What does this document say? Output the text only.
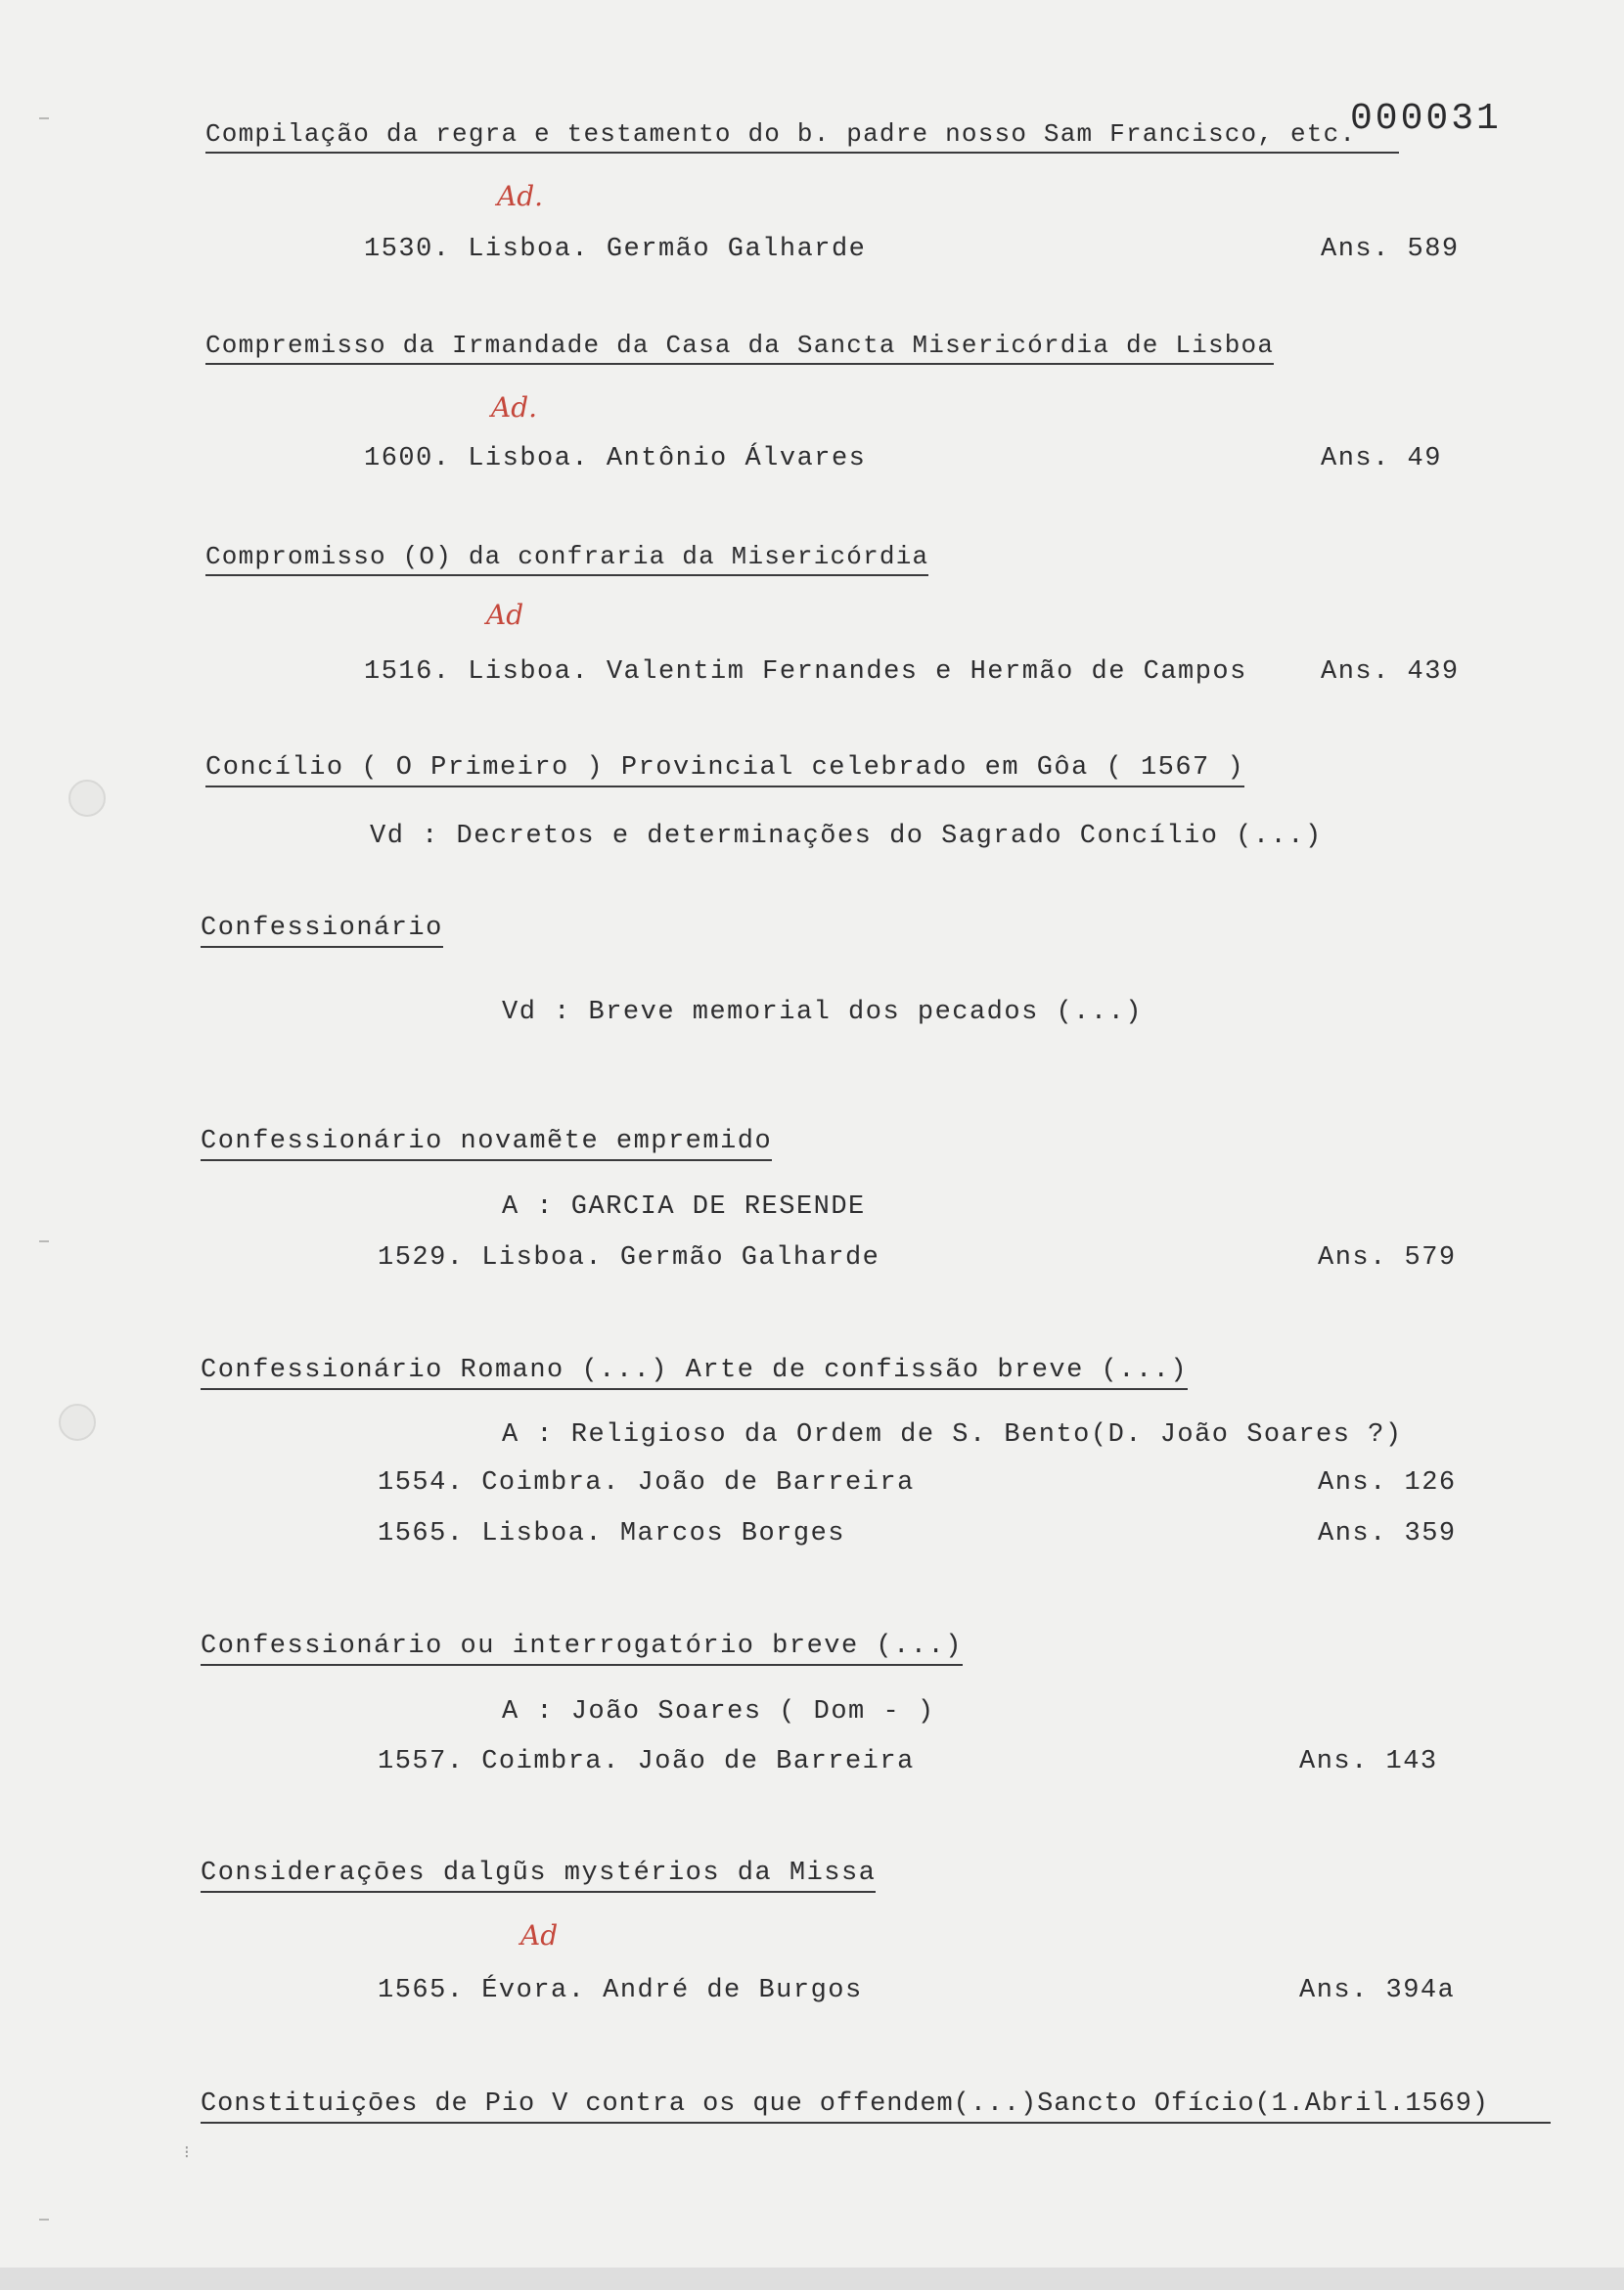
000031
Compilação da regra e testamento do b. padre nosso Sam Francisco, etc.
Ad.
1530. Lisboa. Germão Galharde	Ans. 589
Compremisso da Irmandade da Casa da Sancta Misericórdia de Lisboa
Ad.
1600. Lisboa. Antônio Álvares	Ans. 49
Compromisso (O) da confraria da Misericórdia
Ad
1516. Lisboa. Valentim Fernandes e Hermão de Campos	Ans. 439
Concílio ( O Primeiro ) Provincial celebrado em Gôa ( 1567 )
Vd : Decretos e determinações do Sagrado Concílio (...)
Confessionário
Vd : Breve memorial dos pecados (...)
Confessionário novamẽte empremido
A : GARCIA DE RESENDE
1529. Lisboa. Germão Galharde	Ans. 579
Confessionário Romano (...) Arte de confissão breve (...)
A : Religioso da Ordem de S. Bento(D. João Soares ?)
1554. Coimbra. João de Barreira	Ans. 126
1565. Lisboa. Marcos Borges	Ans. 359
Confessionário ou interrogatório breve (...)
A : João Soares ( Dom - )
1557. Coimbra. João de Barreira	Ans. 143
Consideraçōes dalgũs mystérios da Missa
Ad
1565. Évora. André de Burgos	Ans. 394a
Constituiçōes de Pio V contra os que offendem(...)Sancto Ofício(1.Abril.1569)
⁝
